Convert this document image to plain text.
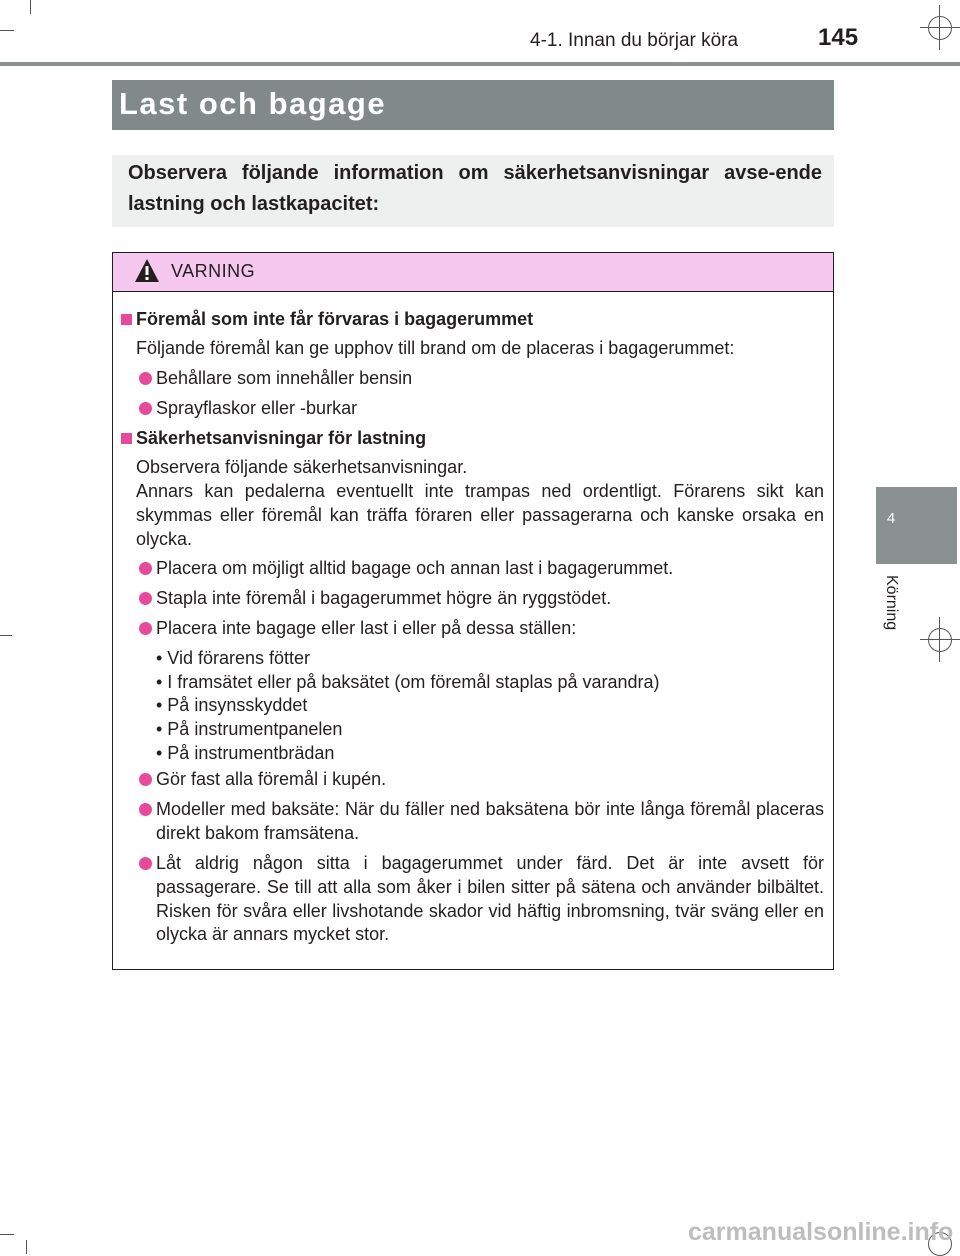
4-1. Innan du börjar köra	145
4
Körning
Last och bagage
Observera följande information om säkerhetsanvisningar avse-ende lastning och lastkapacitet:
VARNING
Föremål som inte får förvaras i bagagerummet
Följande föremål kan ge upphov till brand om de placeras i bagagerummet:
Behållare som innehåller bensin
Sprayflaskor eller -burkar
Säkerhetsanvisningar för lastning
Observera följande säkerhetsanvisningar.
Annars kan pedalerna eventuellt inte trampas ned ordentligt. Förarens sikt kan skymmas eller föremål kan träffa föraren eller passagerarna och kanske orsaka en olycka.
Placera om möjligt alltid bagage och annan last i bagagerummet.
Stapla inte föremål i bagagerummet högre än ryggstödet.
Placera inte bagage eller last i eller på dessa ställen:
• Vid förarens fötter
• I framsätet eller på baksätet (om föremål staplas på varandra)
• På insynsskyddet
• På instrumentpanelen
• På instrumentbrädan
Gör fast alla föremål i kupén.
Modeller med baksäte: När du fäller ned baksätena bör inte långa föremål placeras direkt bakom framsätena.
Låt aldrig någon sitta i bagagerummet under färd. Det är inte avsett för passagerare. Se till att alla som åker i bilen sitter på sätena och använder bilbältet. Risken för svåra eller livshotande skador vid häftig inbromsning, tvär sväng eller en olycka är annars mycket stor.
carmanualsonline.info
